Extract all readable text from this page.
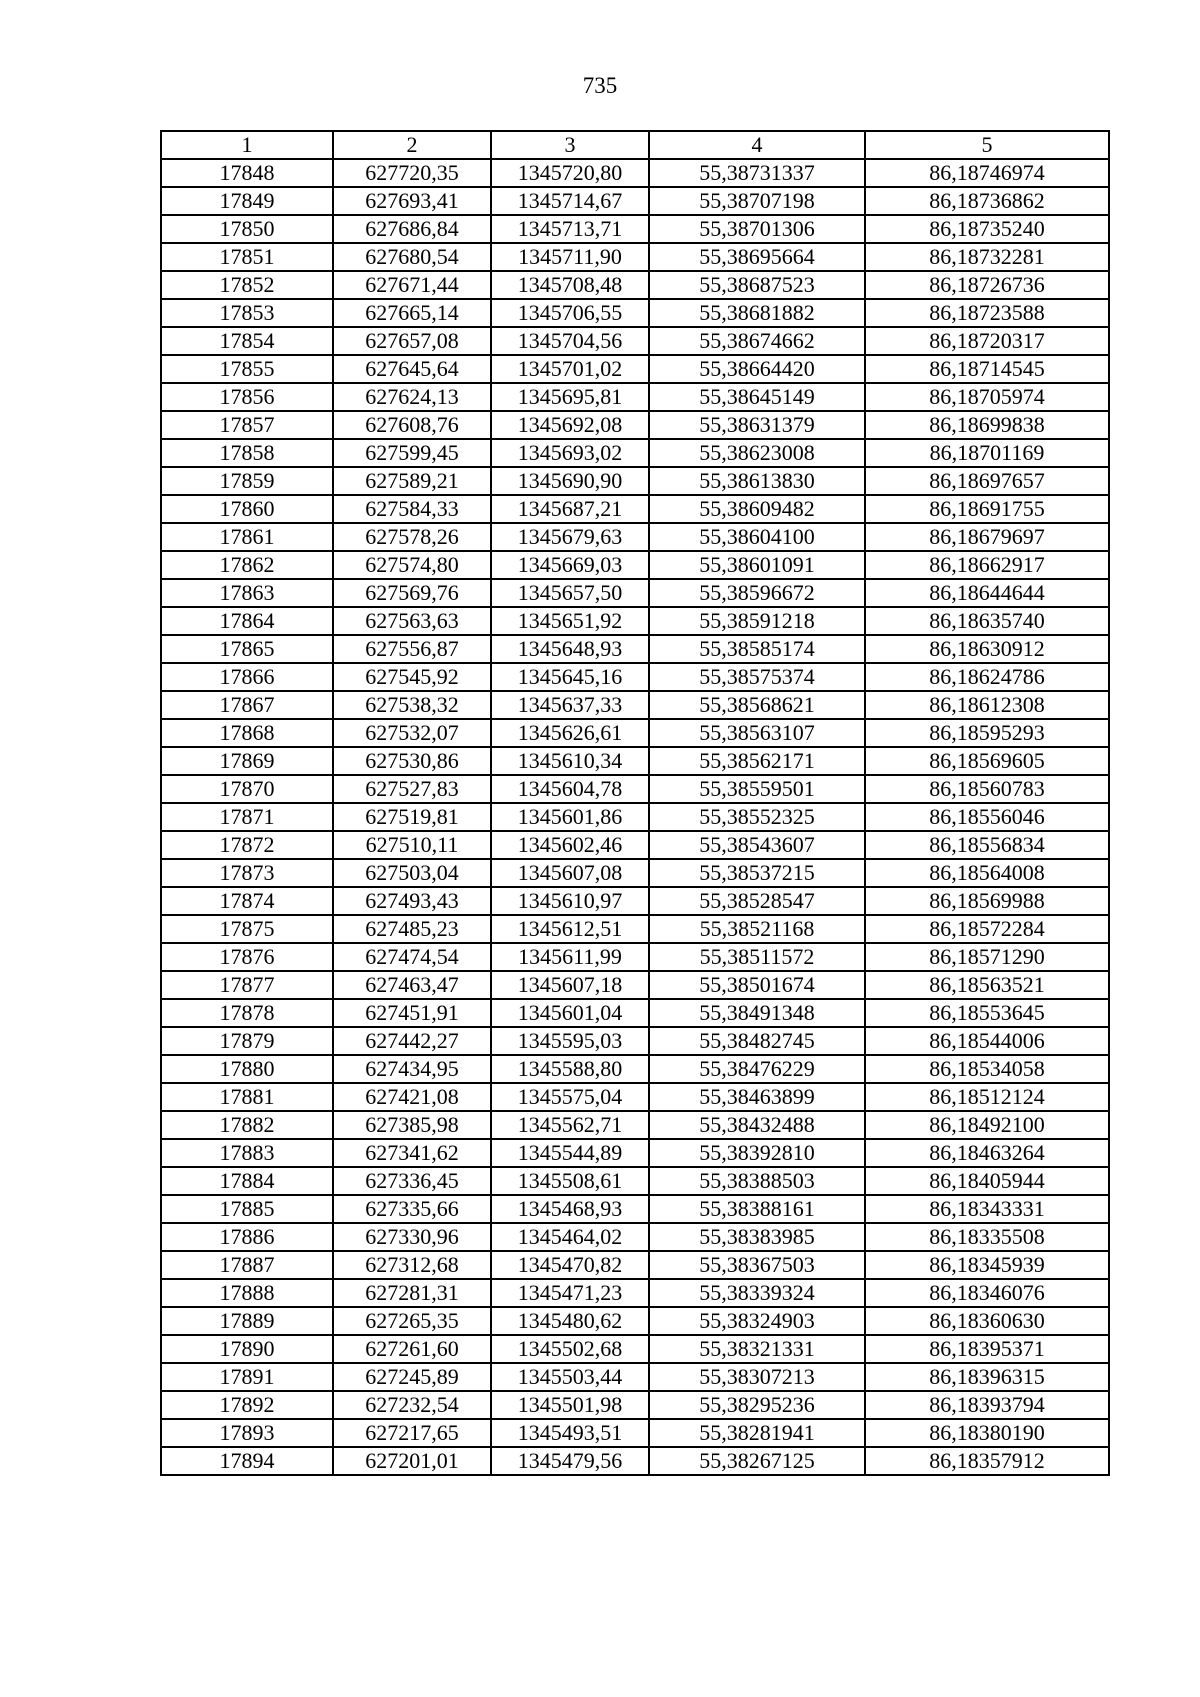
735
1	2	3	4	5
17848	627720,35	1345720,80	55,38731337	86,18746974
17849	627693,41	1345714,67	55,38707198	86,18736862
17850	627686,84	1345713,71	55,38701306	86,18735240
17851	627680,54	1345711,90	55,38695664	86,18732281
17852	627671,44	1345708,48	55,38687523	86,18726736
17853	627665,14	1345706,55	55,38681882	86,18723588
17854	627657,08	1345704,56	55,38674662	86,18720317
17855	627645,64	1345701,02	55,38664420	86,18714545
17856	627624,13	1345695,81	55,38645149	86,18705974
17857	627608,76	1345692,08	55,38631379	86,18699838
17858	627599,45	1345693,02	55,38623008	86,18701169
17859	627589,21	1345690,90	55,38613830	86,18697657
17860	627584,33	1345687,21	55,38609482	86,18691755
17861	627578,26	1345679,63	55,38604100	86,18679697
17862	627574,80	1345669,03	55,38601091	86,18662917
17863	627569,76	1345657,50	55,38596672	86,18644644
17864	627563,63	1345651,92	55,38591218	86,18635740
17865	627556,87	1345648,93	55,38585174	86,18630912
17866	627545,92	1345645,16	55,38575374	86,18624786
17867	627538,32	1345637,33	55,38568621	86,18612308
17868	627532,07	1345626,61	55,38563107	86,18595293
17869	627530,86	1345610,34	55,38562171	86,18569605
17870	627527,83	1345604,78	55,38559501	86,18560783
17871	627519,81	1345601,86	55,38552325	86,18556046
17872	627510,11	1345602,46	55,38543607	86,18556834
17873	627503,04	1345607,08	55,38537215	86,18564008
17874	627493,43	1345610,97	55,38528547	86,18569988
17875	627485,23	1345612,51	55,38521168	86,18572284
17876	627474,54	1345611,99	55,38511572	86,18571290
17877	627463,47	1345607,18	55,38501674	86,18563521
17878	627451,91	1345601,04	55,38491348	86,18553645
17879	627442,27	1345595,03	55,38482745	86,18544006
17880	627434,95	1345588,80	55,38476229	86,18534058
17881	627421,08	1345575,04	55,38463899	86,18512124
17882	627385,98	1345562,71	55,38432488	86,18492100
17883	627341,62	1345544,89	55,38392810	86,18463264
17884	627336,45	1345508,61	55,38388503	86,18405944
17885	627335,66	1345468,93	55,38388161	86,18343331
17886	627330,96	1345464,02	55,38383985	86,18335508
17887	627312,68	1345470,82	55,38367503	86,18345939
17888	627281,31	1345471,23	55,38339324	86,18346076
17889	627265,35	1345480,62	55,38324903	86,18360630
17890	627261,60	1345502,68	55,38321331	86,18395371
17891	627245,89	1345503,44	55,38307213	86,18396315
17892	627232,54	1345501,98	55,38295236	86,18393794
17893	627217,65	1345493,51	55,38281941	86,18380190
17894	627201,01	1345479,56	55,38267125	86,18357912
